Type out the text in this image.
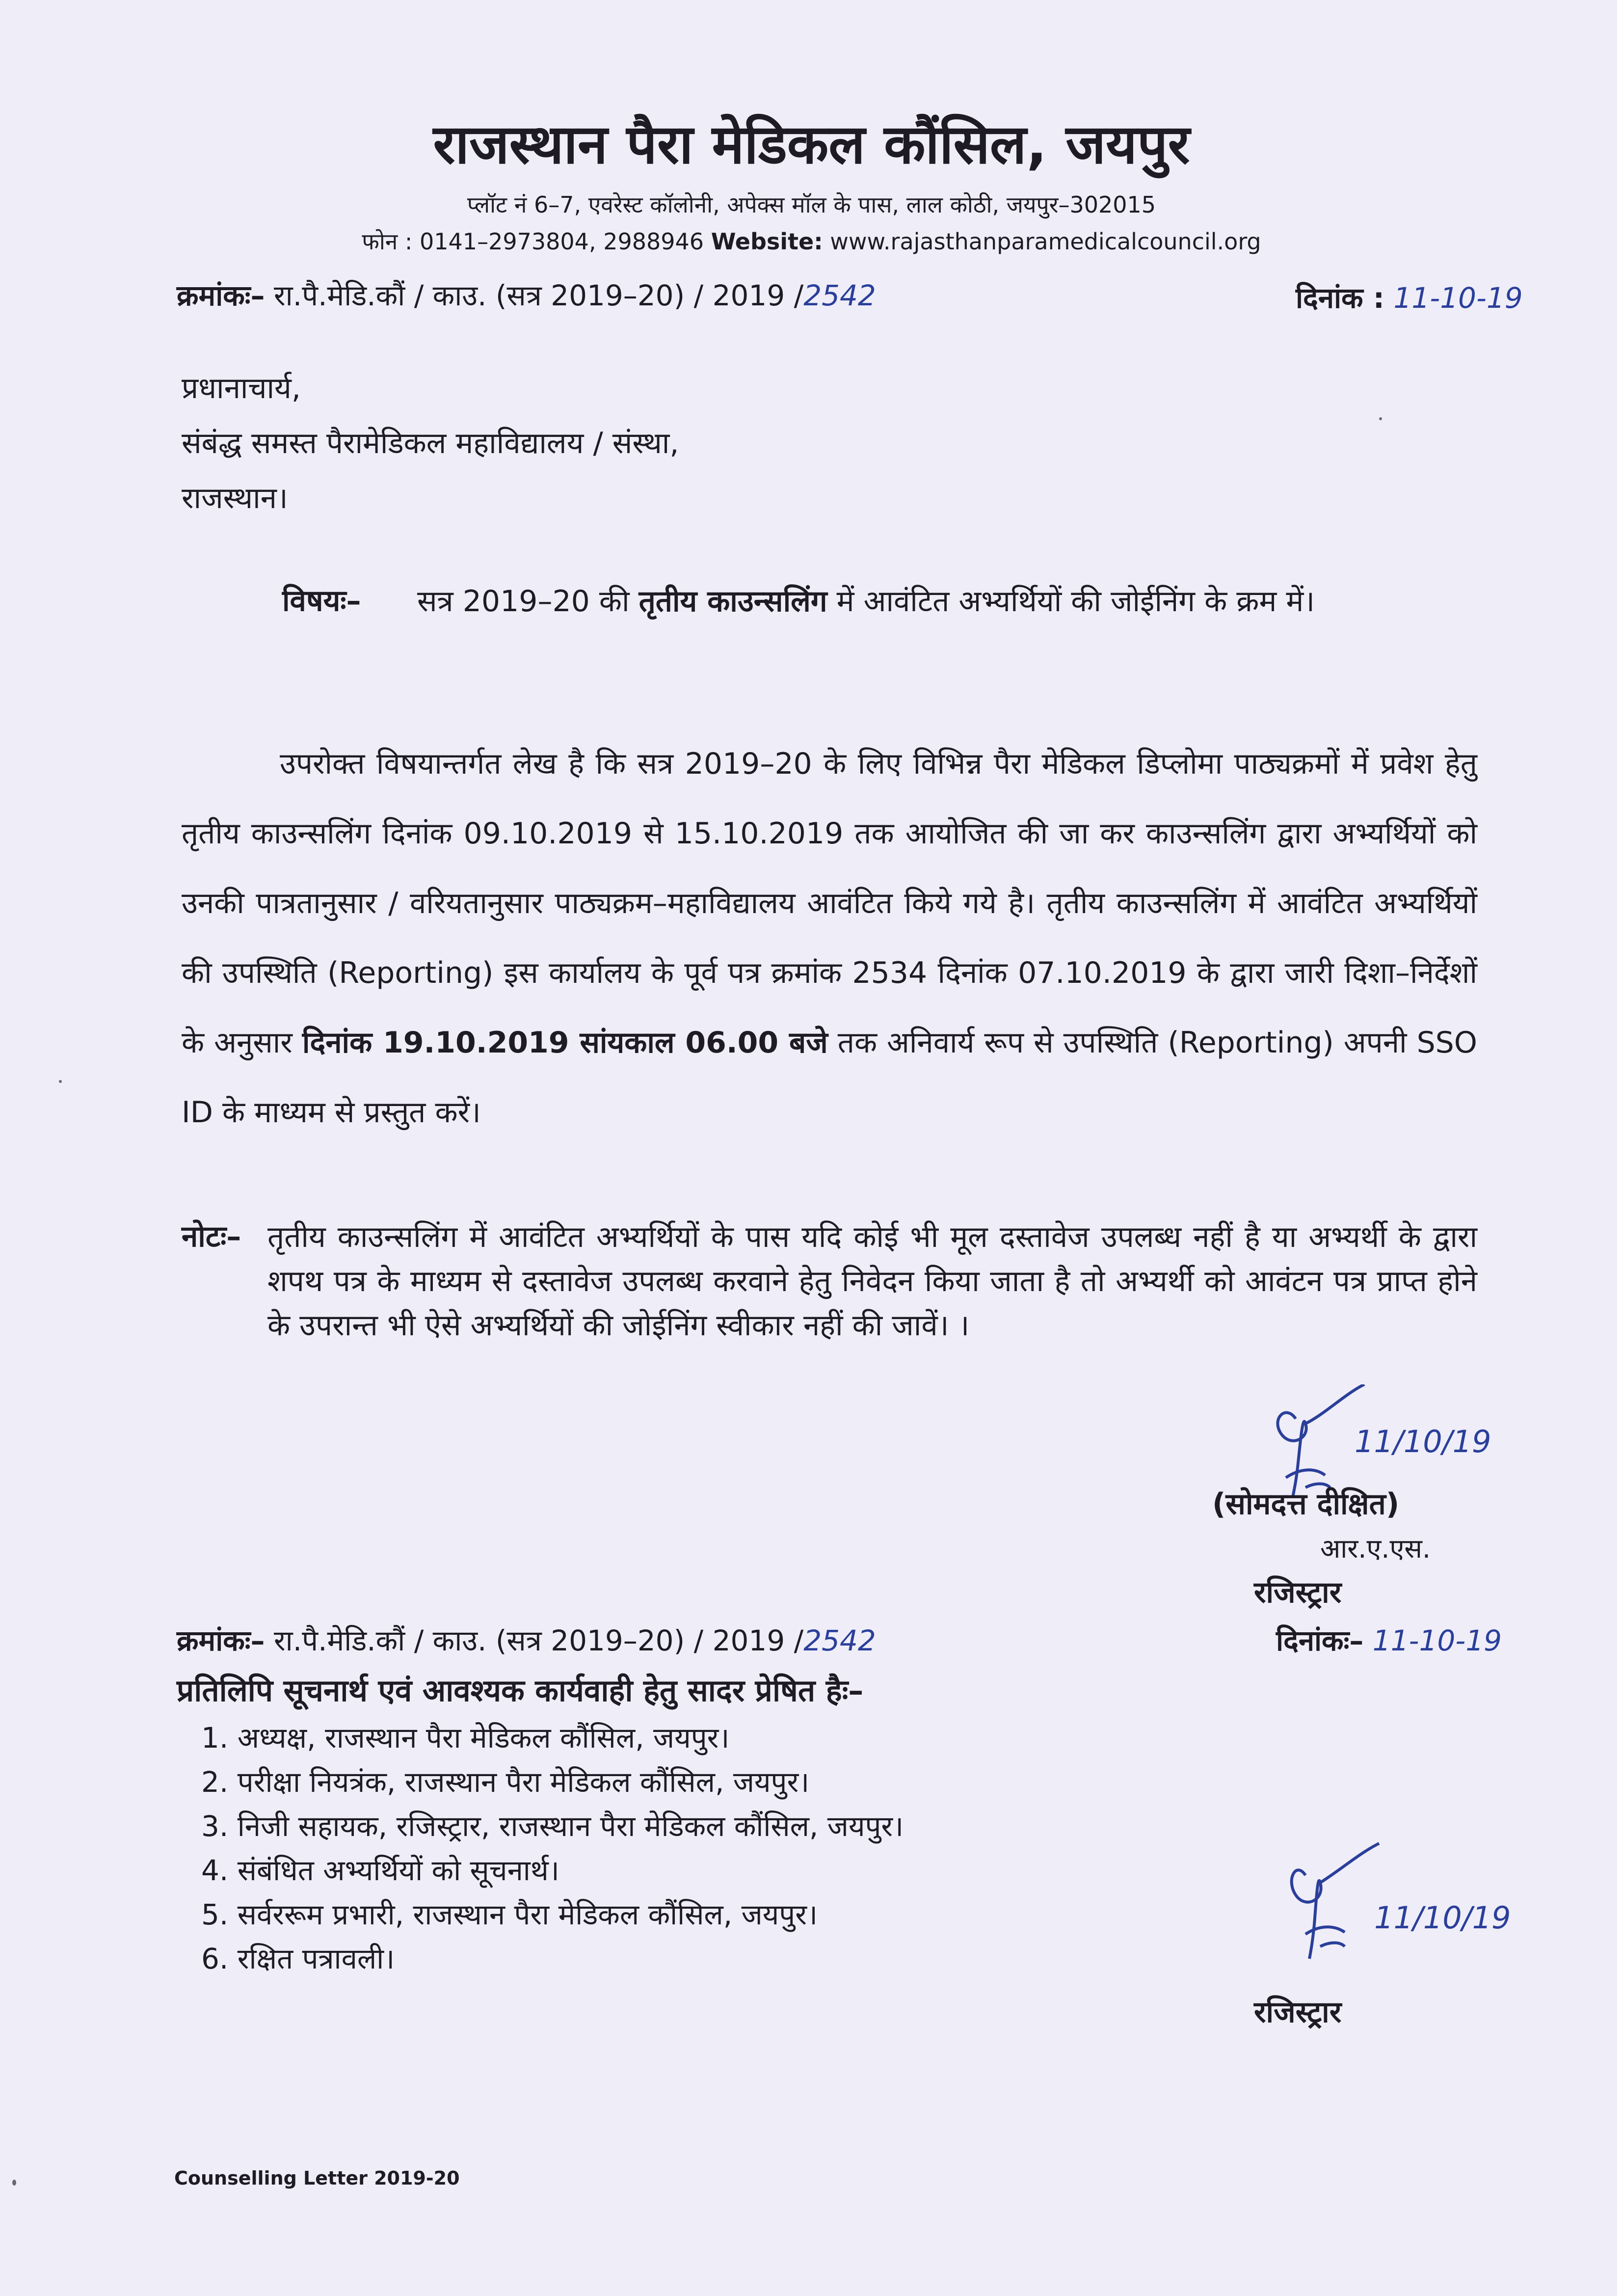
राजस्थान पैरा मेडिकल कौंसिल, जयपुर
प्लॉट नं 6–7, एवरेस्ट कॉलोनी, अपेक्स मॉल के पास, लाल कोठी, जयपुर–302015
फोन : 0141–2973804, 2988946 Website: www.rajasthanparamedicalcouncil.org
क्रमांकः– रा.पै.मेडि.कौं / काउ. (सत्र 2019–20) / 2019 /2542	दिनांक : 11-10-19
प्रधानाचार्य,
संबंद्ध समस्त पैरामेडिकल महाविद्यालय / संस्था,
राजस्थान।
विषयः– सत्र 2019–20 की तृतीय काउन्सलिंग में आवंटित अभ्यर्थियों की जोईनिंग के क्रम में।
उपरोक्त विषयान्तर्गत लेख है कि सत्र 2019–20 के लिए विभिन्न पैरा मेडिकल डिप्लोमा पाठ्यक्रमों में प्रवेश हेतु तृतीय काउन्सलिंग दिनांक 09.10.2019 से 15.10.2019 तक आयोजित की जा कर काउन्सलिंग द्वारा अभ्यर्थियों को उनकी पात्रतानुसार / वरियतानुसार पाठ्यक्रम–महाविद्यालय आवंटित किये गये है। तृतीय काउन्सलिंग में आवंटित अभ्यर्थियों की उपस्थिति (Reporting) इस कार्यालय के पूर्व पत्र क्रमांक 2534 दिनांक 07.10.2019 के द्वारा जारी दिशा–निर्देशों के अनुसार दिनांक 19.10.2019 सांयकाल 06.00 बजे तक अनिवार्य रूप से उपस्थिति (Reporting) अपनी SSO ID के माध्यम से प्रस्तुत करें।
नोटः– तृतीय काउन्सलिंग में आवंटित अभ्यर्थियों के पास यदि कोई भी मूल दस्तावेज उपलब्ध नहीं है या अभ्यर्थी के द्वारा शपथ पत्र के माध्यम से दस्तावेज उपलब्ध करवाने हेतु निवेदन किया जाता है तो अभ्यर्थी को आवंटन पत्र प्राप्त होने के उपरान्त भी ऐसे अभ्यर्थियों की जोईनिंग स्वीकार नहीं की जावें। ।
11/10/19
(सोमदत्त दीक्षित)
आर.ए.एस.
रजिस्ट्रार
क्रमांकः– रा.पै.मेडि.कौं / काउ. (सत्र 2019–20) / 2019 /2542	दिनांकः– 11-10-19
प्रतिलिपि सूचनार्थ एवं आवश्यक कार्यवाही हेतु सादर प्रेषित हैः–
1. अध्यक्ष, राजस्थान पैरा मेडिकल कौंसिल, जयपुर।
2. परीक्षा नियत्रंक, राजस्थान पैरा मेडिकल कौंसिल, जयपुर।
3. निजी सहायक, रजिस्ट्रार, राजस्थान पैरा मेडिकल कौंसिल, जयपुर।
4. संबंधित अभ्यर्थियों को सूचनार्थ।
5. सर्वररूम प्रभारी, राजस्थान पैरा मेडिकल कौंसिल, जयपुर।
6. रक्षित पत्रावली।
11/10/19
रजिस्ट्रार
Counselling Letter 2019-20
